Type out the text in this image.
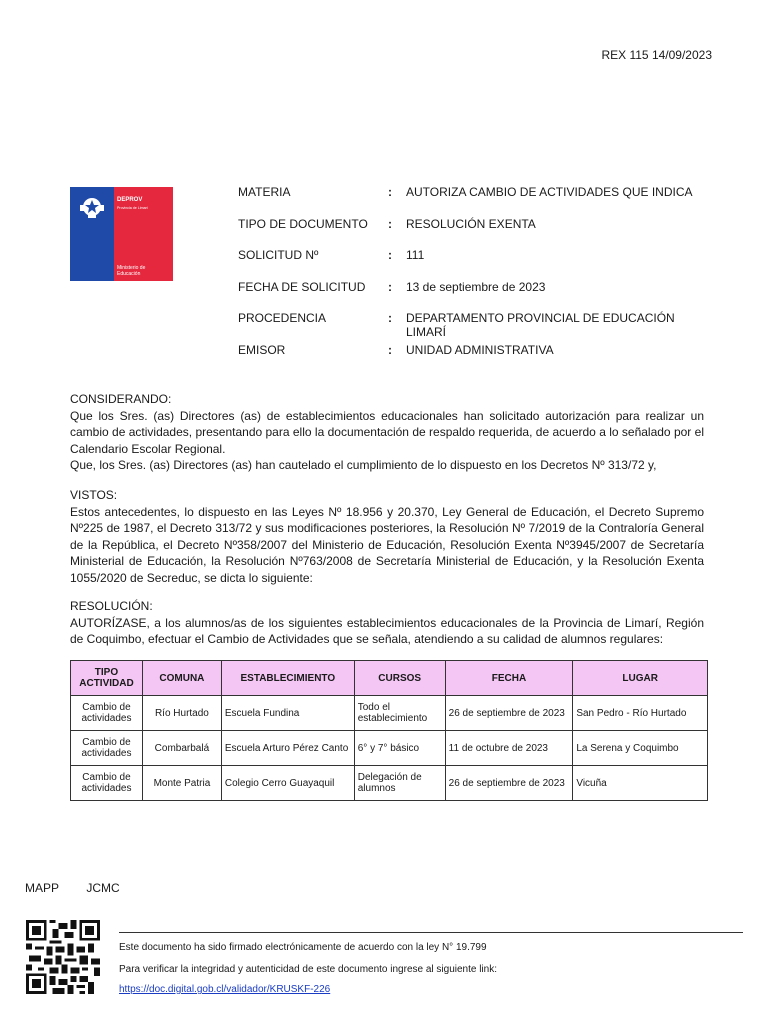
REX 115 14/09/2023
DEPROV
Provincia de Limarí
Ministerio de
Educación
MATERIA	:	AUTORIZA CAMBIO DE ACTIVIDADES QUE INDICA
TIPO DE DOCUMENTO	:	RESOLUCIÓN EXENTA
SOLICITUD Nº	:	111
FECHA DE SOLICITUD	:	13 de septiembre de 2023
PROCEDENCIA	:	DEPARTAMENTO PROVINCIAL DE EDUCACIÓN LIMARÍ
EMISOR	:	UNIDAD ADMINISTRATIVA

CONSIDERANDO:

Que los Sres. (as) Directores (as) de establecimientos educacionales han solicitado autorización para realizar un cambio de actividades, presentando para ello la documentación de respaldo requerida, de acuerdo a lo señalado por el Calendario Escolar Regional.

Que, los Sres. (as) Directores (as) han cautelado el cumplimiento de lo dispuesto en los Decretos Nº 313/72 y,

VISTOS:

Estos antecedentes, lo dispuesto en las Leyes Nº 18.956 y 20.370, Ley General de Educación, el Decreto Supremo Nº225 de 1987, el Decreto 313/72 y sus modificaciones posteriores, la Resolución Nº 7/2019 de la Contraloría General de la República, el Decreto Nº358/2007 del Ministerio de Educación, Resolución Exenta Nº3945/2007 de Secretaría Ministerial de Educación, la Resolución Nº763/2008 de Secretaría Ministerial de Educación, y la Resolución Exenta 1055/2020 de Secreduc, se dicta lo siguiente:

RESOLUCIÓN:

AUTORÍZASE, a los alumnos/as de los siguientes establecimientos educacionales de la Provincia de Limarí, Región de Coquimbo, efectuar el Cambio de Actividades que se señala, atendiendo a su calidad de alumnos regulares:

TIPO ACTIVIDAD	COMUNA	ESTABLECIMIENTO	CURSOS	FECHA	LUGAR
Cambio de actividades	Río Hurtado	Escuela Fundina	Todo el establecimiento	26 de septiembre de 2023	San Pedro - Río Hurtado
Cambio de actividades	Combarbalá	Escuela Arturo Pérez Canto	6° y 7° básico	11 de octubre de 2023	La Serena y Coquimbo
Cambio de actividades	Monte Patria	Colegio Cerro Guayaquil	Delegación de alumnos	26 de septiembre de 2023	Vicuña
MAPP JCMC
Este documento ha sido firmado electrónicamente de acuerdo con la ley N° 19.799
Para verificar la integridad y autenticidad de este documento ingrese al siguiente link:
https://doc.digital.gob.cl/validador/KRUSKF-226
